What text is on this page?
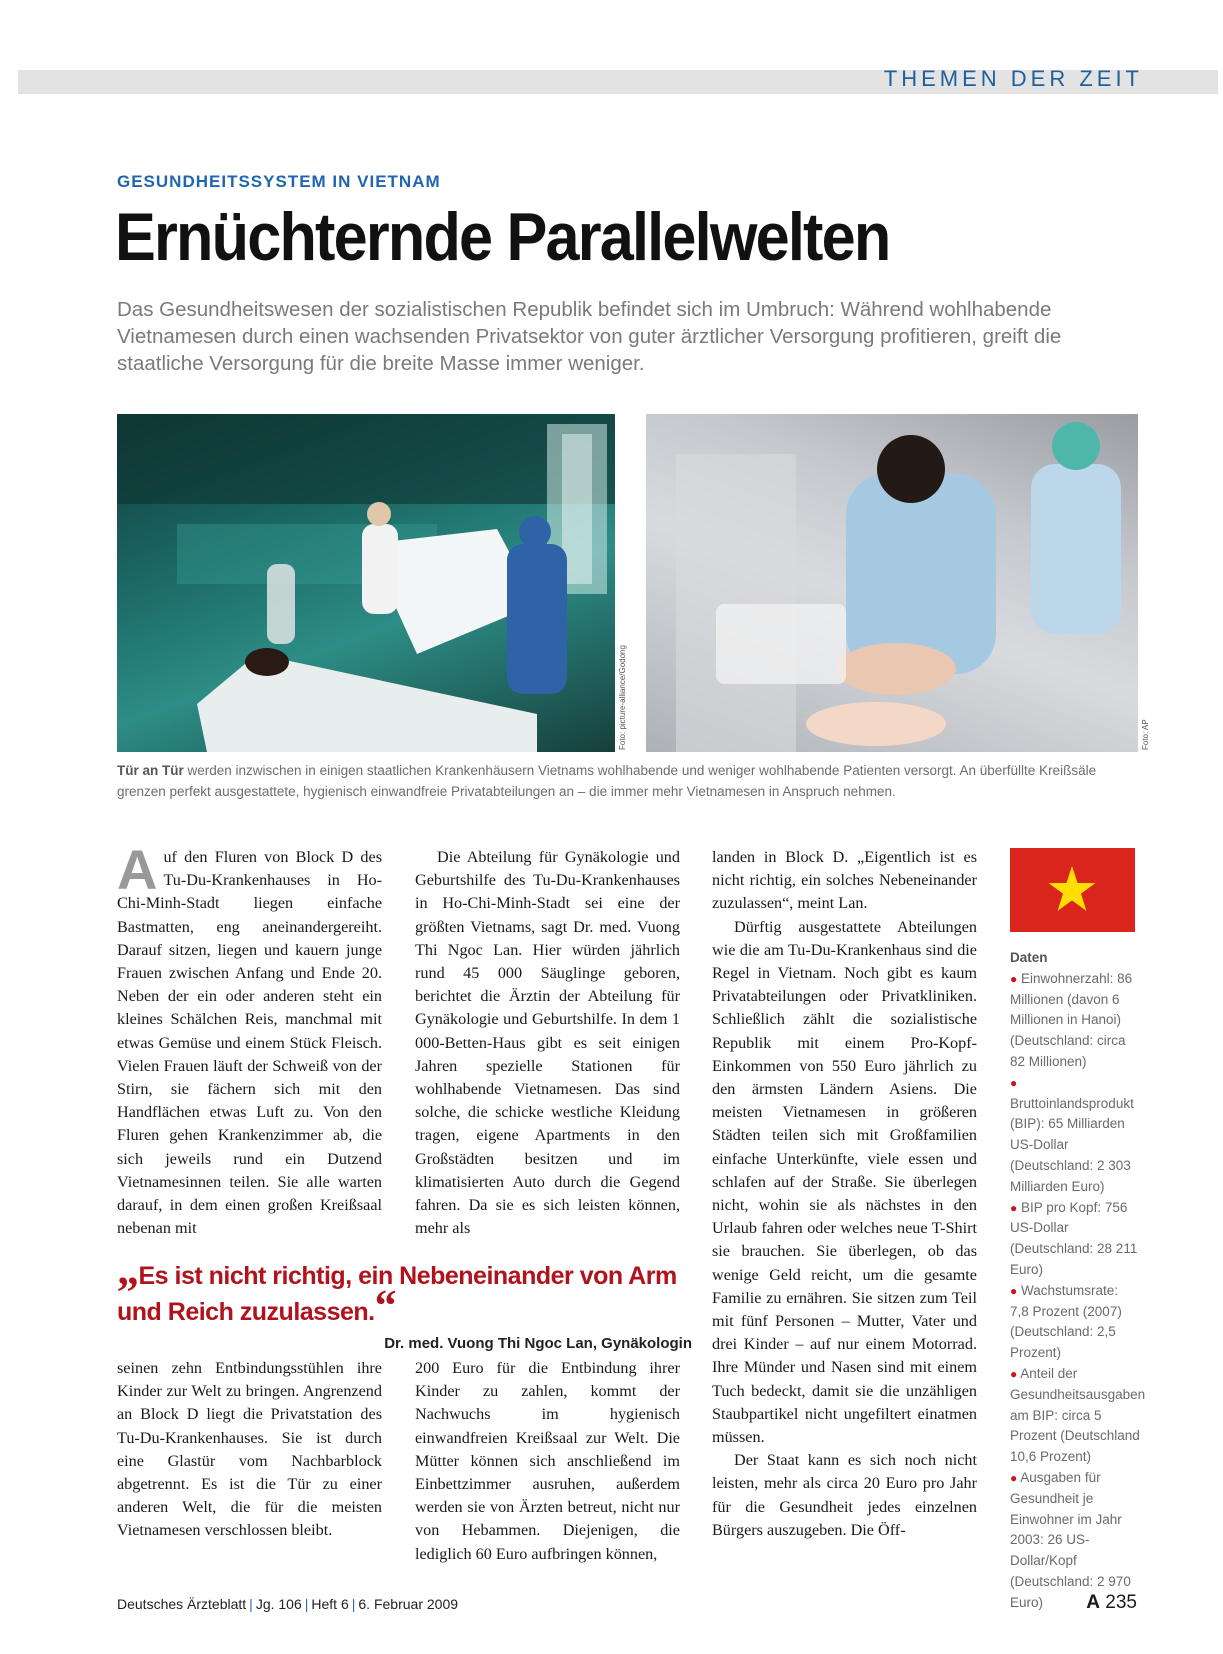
THEMEN DER ZEIT
GESUNDHEITSSYSTEM IN VIETNAM
Ernüchternde Parallelwelten
Das Gesundheitswesen der sozialistischen Republik befindet sich im Umbruch: Während wohlhabende Vietnamesen durch einen wachsenden Privatsektor von guter ärztlicher Versorgung profitieren, greift die staatliche Versorgung für die breite Masse immer weniger.
Foto: picture-alliance/Godong	Foto: AP
Tür an Tür werden inzwischen in einigen staatlichen Krankenhäusern Vietnams wohlhabende und weniger wohlhabende Patienten versorgt. An überfüllte Kreißsäle grenzen perfekt ausgestattete, hygienisch einwandfreie Privatabteilungen an – die immer mehr Vietnamesen in Anspruch nehmen.

Auf den Fluren von Block D des Tu-Du-Krankenhauses in Ho-Chi-Minh-Stadt liegen einfache Bastmatten, eng aneinandergereiht. Darauf sitzen, liegen und kauern junge Frauen zwischen Anfang und Ende 20. Neben der ein oder anderen steht ein kleines Schälchen Reis, manchmal mit etwas Gemüse und einem Stück Fleisch. Vielen Frauen läuft der Schweiß von der Stirn, sie fächern sich mit den Handflächen etwas Luft zu. Von den Fluren gehen Krankenzimmer ab, die sich jeweils rund ein Dutzend Vietnamesinnen teilen. Sie alle warten darauf, in dem einen großen Kreißsaal nebenan mit

seinen zehn Entbindungsstühlen ihre Kinder zur Welt zu bringen. Angrenzend an Block D liegt die Privatstation des Tu-Du-Krankenhauses. Sie ist durch eine Glastür vom Nachbarblock abgetrennt. Es ist die Tür zu einer anderen Welt, die für die meisten Vietnamesen verschlossen bleibt.

Die Abteilung für Gynäkologie und Geburtshilfe des Tu-Du-Krankenhauses in Ho-Chi-Minh-Stadt sei eine der größten Vietnams, sagt Dr. med. Vuong Thi Ngoc Lan. Hier würden jährlich rund 45 000 Säuglinge geboren, berichtet die Ärztin der Abteilung für Gynäkologie und Geburtshilfe. In dem 1 000-Betten-Haus gibt es seit einigen Jahren spezielle Stationen für wohlhabende Vietnamesen. Das sind solche, die schicke westliche Kleidung tragen, eigene Apartments in den Großstädten besitzen und im klimatisierten Auto durch die Gegend fahren. Da sie es sich leisten können, mehr als

200 Euro für die Entbindung ihrer Kinder zu zahlen, kommt der Nachwuchs im hygienisch einwandfreien Kreißsaal zur Welt. Die Mütter können sich anschließend im Einbettzimmer ausruhen, außerdem werden sie von Ärzten betreut, nicht nur von Hebammen. Diejenigen, die lediglich 60 Euro aufbringen können,

landen in Block D. „Eigentlich ist es nicht richtig, ein solches Nebeneinander zuzulassen“, meint Lan.

Dürftig ausgestattete Abteilungen wie die am Tu-Du-Krankenhaus sind die Regel in Vietnam. Noch gibt es kaum Privatabteilungen oder Privatkliniken. Schließlich zählt die sozialistische Republik mit einem Pro-Kopf-Einkommen von 550 Euro jährlich zu den ärmsten Ländern Asiens. Die meisten Vietnamesen in größeren Städten teilen sich mit Großfamilien einfache Unterkünfte, viele essen und schlafen auf der Straße. Sie überlegen nicht, wohin sie als nächstes in den Urlaub fahren oder welches neue T-Shirt sie brauchen. Sie überlegen, ob das wenige Geld reicht, um die gesamte Familie zu ernähren. Sie sitzen zum Teil mit fünf Personen – Mutter, Vater und drei Kinder – auf nur einem Motorrad. Ihre Münder und Nasen sind mit einem Tuch bedeckt, damit sie die unzähligen Staubpartikel nicht ungefiltert einatmen müssen.

Der Staat kann es sich noch nicht leisten, mehr als circa 20 Euro pro Jahr für die Gesundheit jedes einzelnen Bürgers auszugeben. Die Öff-

„Es ist nicht richtig, ein Nebeneinander von Arm und Reich zuzulassen.“
Dr. med. Vuong Thi Ngoc Lan, Gynäkologin
Daten
● Einwohnerzahl: 86 Millionen (davon 6 Millionen in Hanoi) (Deutschland: circa 82 Millionen)
● Bruttoinlandsprodukt (BIP): 65 Milliarden US-Dollar (Deutschland: 2 303 Milliarden Euro)
● BIP pro Kopf: 756 US-Dollar (Deutschland: 28 211 Euro)
● Wachstumsrate: 7,8 Prozent (2007) (Deutschland: 2,5 Prozent)
● Anteil der Gesundheitsausgaben am BIP: circa 5 Prozent (Deutschland 10,6 Prozent)
● Ausgaben für Gesundheit je Einwohner im Jahr 2003: 26 US-Dollar/Kopf (Deutschland: 2 970 Euro)
Deutsches Ärzteblatt | Jg. 106 | Heft 6 | 6. Februar 2009	A 235
